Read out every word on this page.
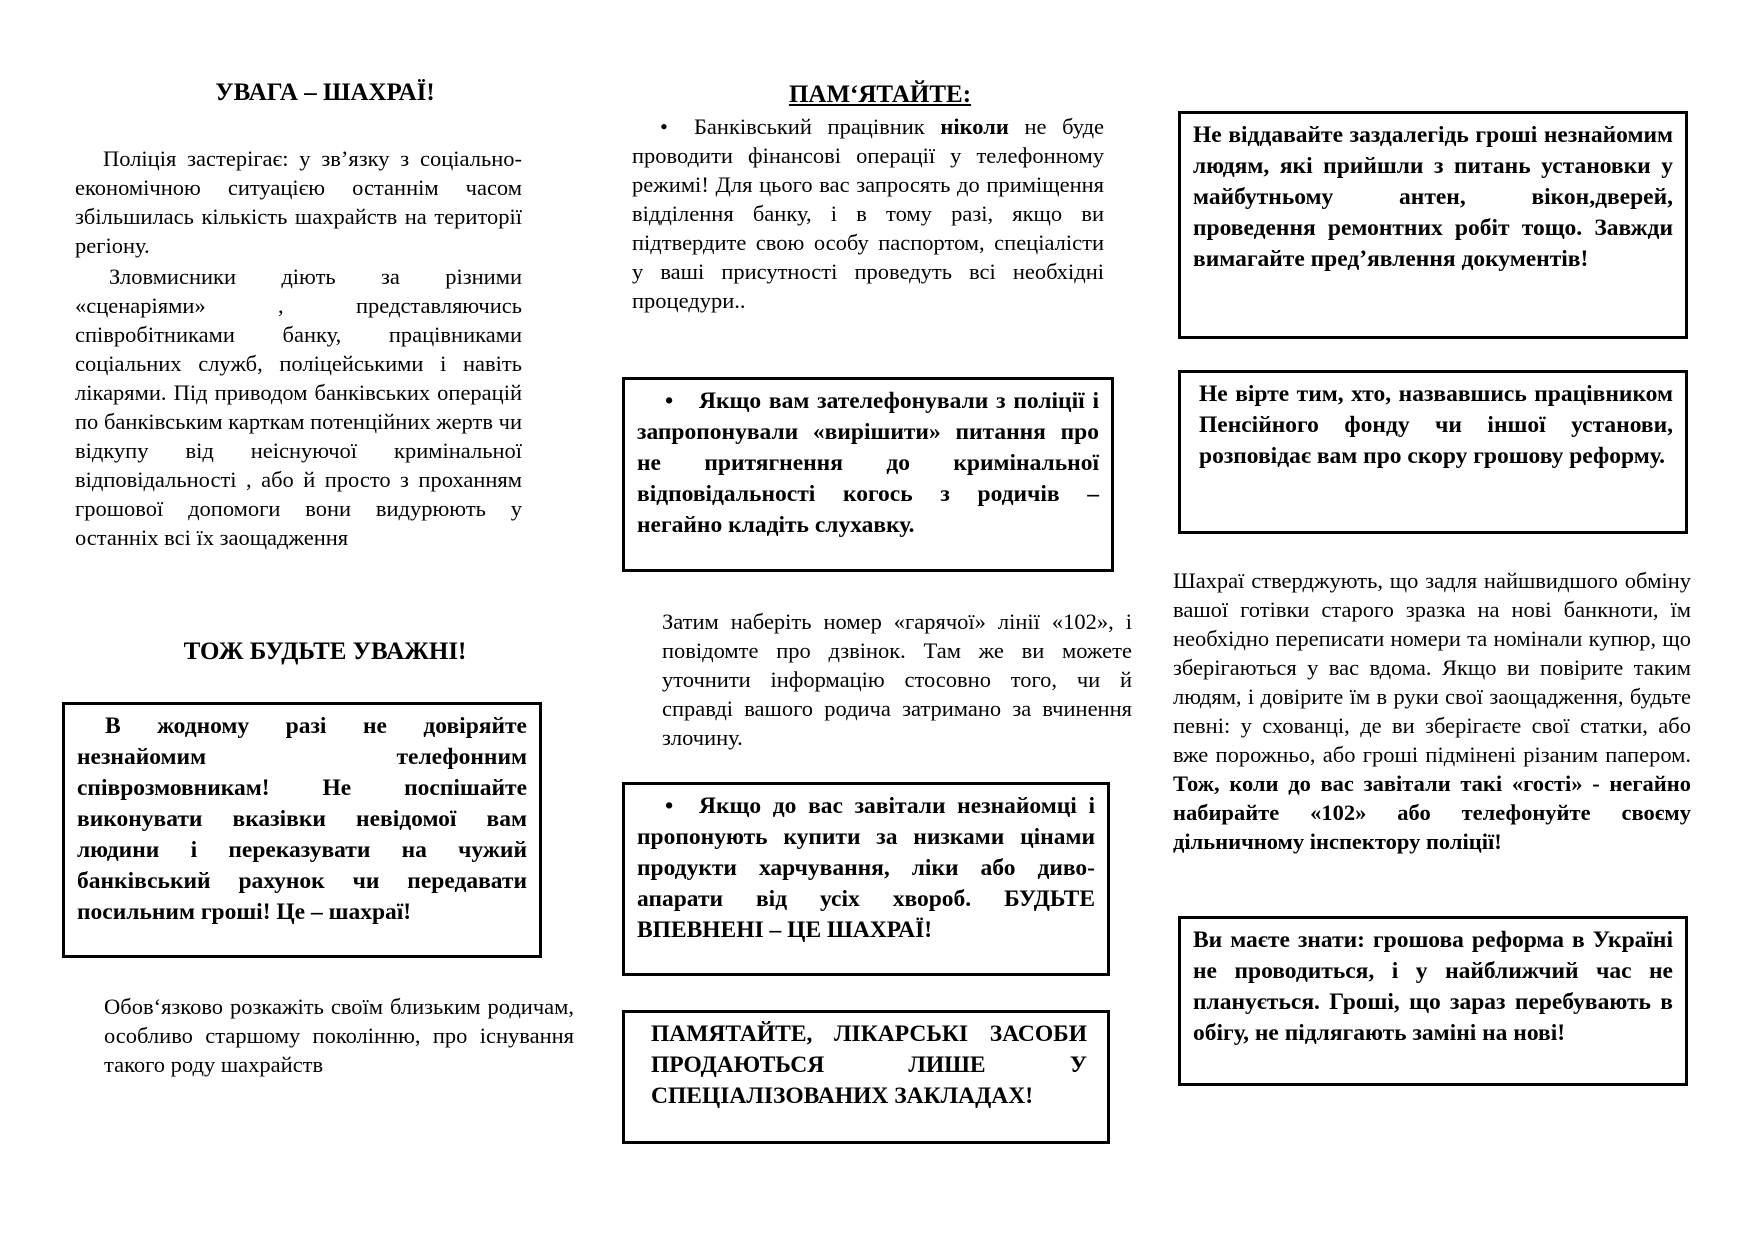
УВАГА – ШАХРАЇ!

Поліція застерігає: у зв’язку з соціально-економічною ситуацією останнім часом збільшилась кількість шахрайств на території регіону.

Зловмисники діють за різними «сценаріями» , представляючись співробітниками банку, працівниками соціальних служб, поліцейськими і навіть лікарями. Під приводом банківських операцій по банківським карткам потенційних жертв чи відкупу від неіснуючої кримінальної відповідальності , або й просто з проханням грошової допомоги вони видурюють у останніх всі їх заощадження

ТОЖ БУДЬТЕ УВАЖНІ!

В жодному разі не довіряйте незнайомим телефонним співрозмовникам! Не поспішайте виконувати вказівки невідомої вам людини і переказувати на чужий банківський рахунок чи передавати посильним гроші! Це – шахраї!

Обов‘язково розкажіть своїм близьким родичам, особливо старшому поколінню, про існування такого роду шахрайств

ПАМ‘ЯТАЙТЕ:

•Банківський працівник ніколи не буде проводити фінансові операції у телефонному режимі! Для цього вас запросять до приміщення відділення банку, і в тому разі, якщо ви підтвердите свою особу паспортом, спеціалісти у ваші присутності проведуть всі необхідні процедури..

•Якщо вам зателефонували з поліції і запропонували «вирішити» питання про не притягнення до кримінальної відповідальності когось з родичів – негайно кладіть слухавку.

Затим наберіть номер «гарячої» лінії «102», і повідомте про дзвінок. Там же ви можете уточнити інформацію стосовно того, чи й справді вашого родича затримано за вчинення злочину.

•Якщо до вас завітали незнайомці і пропонують купити за низками цінами продукти харчування, ліки або диво-апарати від усіх хвороб. БУДЬТЕ ВПЕВНЕНІ – ЦЕ ШАХРАЇ!

ПАМЯТАЙТЕ, ЛІКАРСЬКІ ЗАСОБИ ПРОДАЮТЬСЯ ЛИШЕ У СПЕЦІАЛІЗОВАНИХ ЗАКЛАДАХ!

Не віддавайте заздалегідь гроші незнайомим людям, які прийшли з питань установки у майбутньому антен, вікон,дверей, проведення ремонтних робіт тощо. Завжди вимагайте пред’явлення документів!

Не вірте тим, хто, назвавшись працівником Пенсійного фонду чи іншої установи, розповідає вам про скору грошову реформу.

Шахраї стверджують, що задля найшвидшого обміну вашої готівки старого зразка на нові банкноти, їм необхідно переписати номери та номінали купюр, що зберігаються у вас вдома. Якщо ви повірите таким людям, і довірите їм в руки свої заощадження, будьте певні: у схованці, де ви зберігаєте свої статки, або вже порожньо, або гроші підмінені різаним папером. Тож, коли до вас завітали такі «гості» - негайно набирайте «102» або телефонуйте своєму дільничному інспектору поліції!

Ви маєте знати: грошова реформа в Україні не проводиться, і у найближчий час не планується. Гроші, що зараз перебувають в обігу, не підлягають заміні на нові!
